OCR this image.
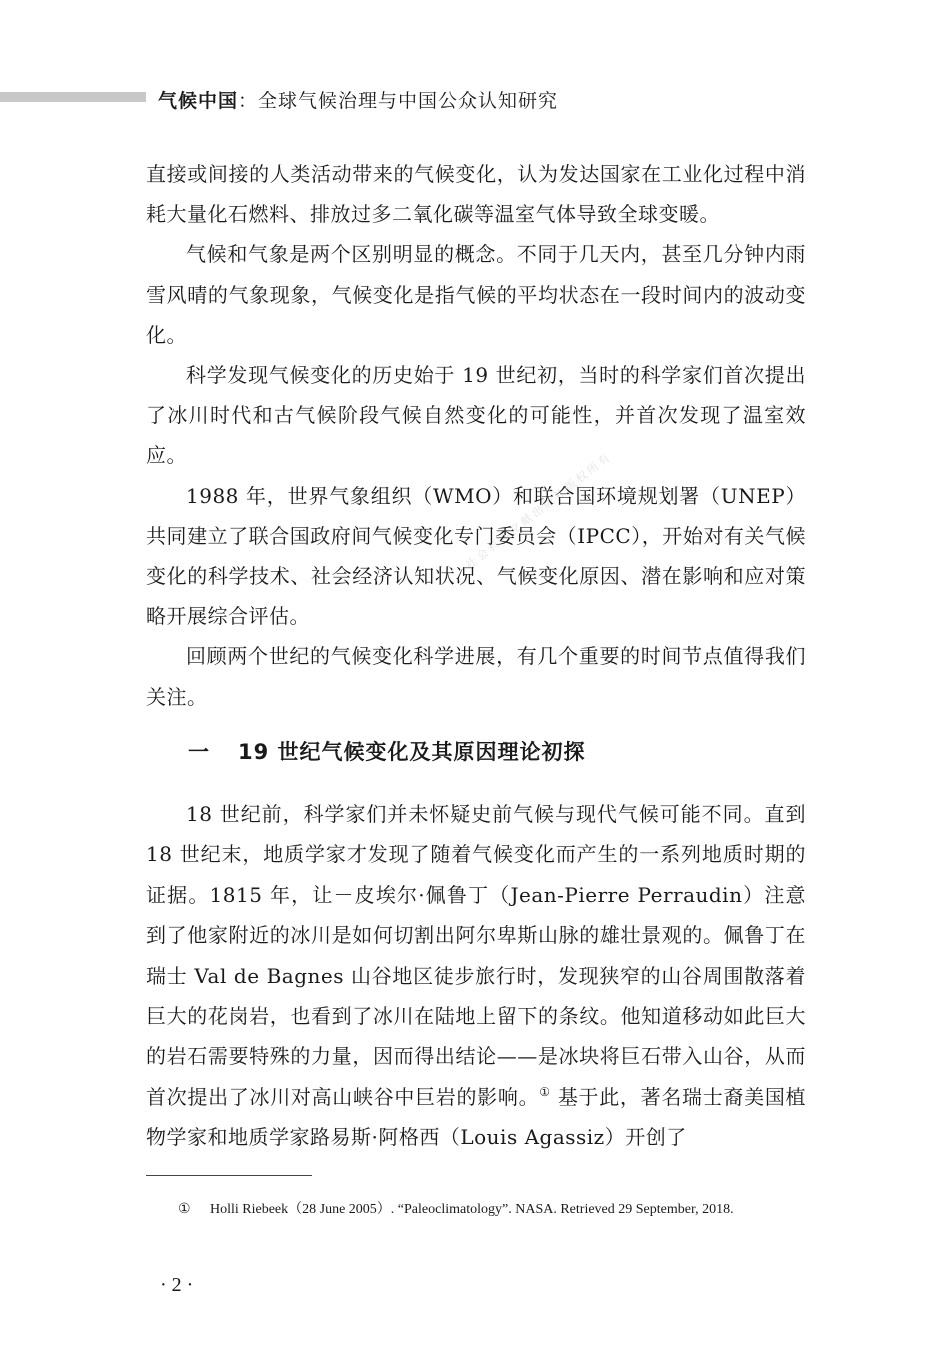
气候中国：全球气候治理与中国公众认知研究
社会科学文献出版社版权所有

直接或间接的人类活动带来的气候变化，认为发达国家在工业化过程中消耗大量化石燃料、排放过多二氧化碳等温室气体导致全球变暖。

气候和气象是两个区别明显的概念。不同于几天内，甚至几分钟内雨雪风晴的气象现象，气候变化是指气候的平均状态在一段时间内的波动变化。

科学发现气候变化的历史始于 19 世纪初，当时的科学家们首次提出了冰川时代和古气候阶段气候自然变化的可能性，并首次发现了温室效应。

1988 年，世界气象组织（WMO）和联合国环境规划署（UNEP）共同建立了联合国政府间气候变化专门委员会（IPCC），开始对有关气候变化的科学技术、社会经济认知状况、气候变化原因、潜在影响和应对策略开展综合评估。

回顾两个世纪的气候变化科学进展，有几个重要的时间节点值得我们关注。

一 19 世纪气候变化及其原因理论初探

18 世纪前，科学家们并未怀疑史前气候与现代气候可能不同。直到 18 世纪末，地质学家才发现了随着气候变化而产生的一系列地质时期的证据。1815 年，让－皮埃尔·佩鲁丁（Jean-Pierre Perraudin）注意到了他家附近的冰川是如何切割出阿尔卑斯山脉的雄壮景观的。佩鲁丁在瑞士 Val de Bagnes 山谷地区徒步旅行时，发现狭窄的山谷周围散落着巨大的花岗岩，也看到了冰川在陆地上留下的条纹。他知道移动如此巨大的岩石需要特殊的力量，因而得出结论——是冰块将巨石带入山谷，从而首次提出了冰川对高山峡谷中巨岩的影响。① 基于此，著名瑞士裔美国植物学家和地质学家路易斯·阿格西（Louis Agassiz）开创了

① Holli Riebeek（28 June 2005）. “Paleoclimatology”. NASA. Retrieved 29 September, 2018.
· 2 ·
